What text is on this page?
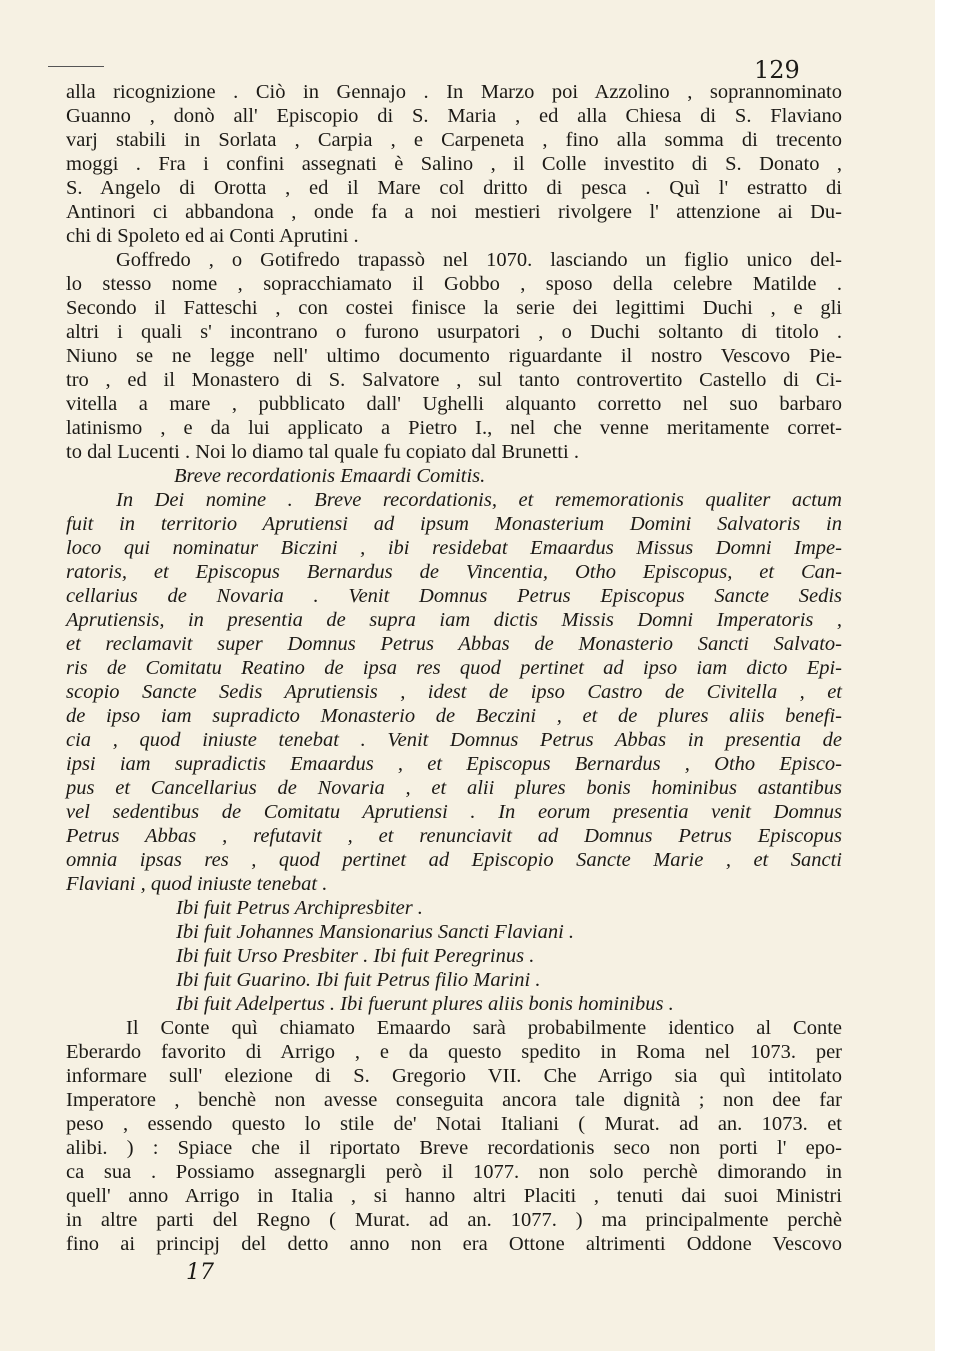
129
alla ricognizione . Ciò in Gennajo . In Marzo poi Azzolino , soprannominato
Guanno , donò all' Episcopio di S. Maria , ed alla Chiesa di S. Flaviano
varj stabili in Sorlata , Carpia , e Carpeneta , fino alla somma di trecento
moggi . Fra i confini assegnati è Salino , il Colle investito di S. Donato ,
S. Angelo di Orotta , ed il Mare col dritto di pesca . Quì l' estratto di
Antinori ci abbandona , onde fa a noi mestieri rivolgere l' attenzione ai Du-
chi di Spoleto ed ai Conti Aprutini .
Goffredo , o Gotifredo trapassò nel 1070. lasciando un figlio unico del-
lo stesso nome , sopracchiamato il Gobbo , sposo della celebre Matilde .
Secondo il Fatteschi , con costei finisce la serie dei legittimi Duchi , e gli
altri i quali s' incontrano o furono usurpatori , o Duchi soltanto di titolo .
Niuno se ne legge nell' ultimo documento riguardante il nostro Vescovo Pie-
tro , ed il Monastero di S. Salvatore , sul tanto controvertito Castello di Ci-
vitella a mare , pubblicato dall' Ughelli alquanto corretto nel suo barbaro
latinismo , e da lui applicato a Pietro I., nel che venne meritamente corret-
to dal Lucenti . Noi lo diamo tal quale fu copiato dal Brunetti .
Breve recordationis Emaardi Comitis.
In Dei nomine . Breve recordationis, et rememorationis qualiter actum
fuit in territorio Aprutiensi ad ipsum Monasterium Domini Salvatoris in
loco qui nominatur Biczini , ibi residebat Emaardus Missus Domni Impe-
ratoris, et Episcopus Bernardus de Vincentia, Otho Episcopus, et Can-
cellarius de Novaria . Venit Domnus Petrus Episcopus Sancte Sedis
Aprutiensis, in presentia de supra iam dictis Missis Domni Imperatoris ,
et reclamavit super Domnus Petrus Abbas de Monasterio Sancti Salvato-
ris de Comitatu Reatino de ipsa res quod pertinet ad ipso iam dicto Epi-
scopio Sancte Sedis Aprutiensis , idest de ipso Castro de Civitella , et
de ipso iam supradicto Monasterio de Beczini , et de plures aliis benefi-
cia , quod iniuste tenebat . Venit Domnus Petrus Abbas in presentia de
ipsi iam supradictis Emaardus , et Episcopus Bernardus , Otho Episco-
pus et Cancellarius de Novaria , et alii plures bonis hominibus astantibus
vel sedentibus de Comitatu Aprutiensi . In eorum presentia venit Domnus
Petrus Abbas , refutavit , et renunciavit ad Domnus Petrus Episcopus
omnia ipsas res , quod pertinet ad Episcopio Sancte Marie , et Sancti
Flaviani , quod iniuste tenebat .
Ibi fuit Petrus Archipresbiter .
Ibi fuit Johannes Mansionarius Sancti Flaviani .
Ibi fuit Urso Presbiter . Ibi fuit Peregrinus .
Ibi fuit Guarino. Ibi fuit Petrus filio Marini .
Ibi fuit Adelpertus . Ibi fuerunt plures aliis bonis hominibus .
Il Conte quì chiamato Emaardo sarà probabilmente identico al Conte
Eberardo favorito di Arrigo , e da questo spedito in Roma nel 1073. per
informare sull' elezione di S. Gregorio VII. Che Arrigo sia quì intitolato
Imperatore , benchè non avesse conseguita ancora tale dignità ; non dee far
peso , essendo questo lo stile de' Notai Italiani ( Murat. ad an. 1073. et
alibi. ) : Spiace che il riportato Breve recordationis seco non porti l' epo-
ca sua . Possiamo assegnargli però il 1077. non solo perchè dimorando in
quell' anno Arrigo in Italia , si hanno altri Placiti , tenuti dai suoi Ministri
in altre parti del Regno ( Murat. ad an. 1077. ) ma principalmente perchè
fino ai principj del detto anno non era Ottone altrimenti Oddone Vescovo
17
